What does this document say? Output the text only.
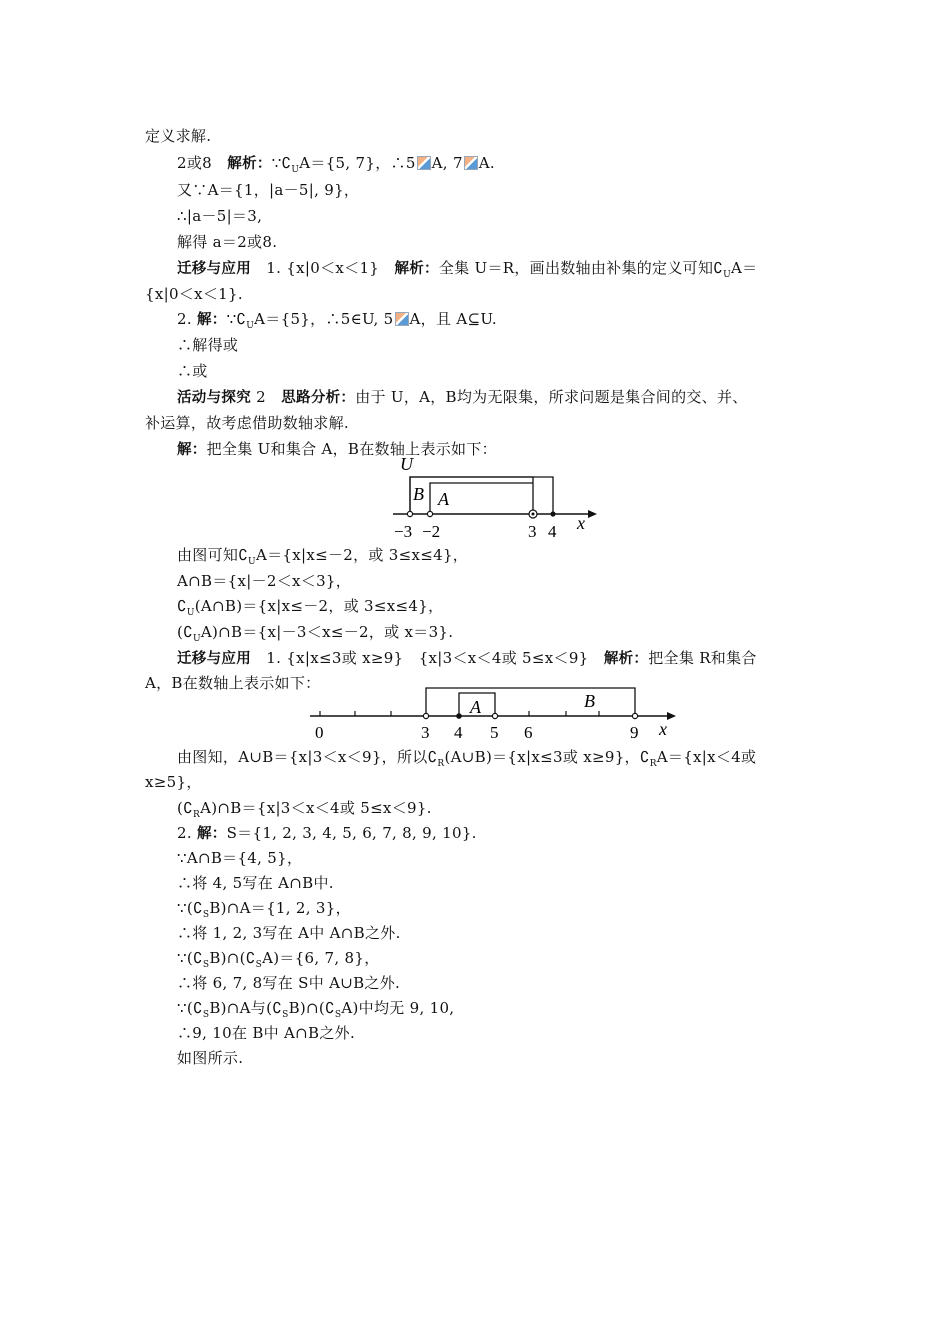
定义求解.
2或8　解析：$\because∁_UA=\{5$, 7}，∴5 A, 7 A.
又∵A＝{1，|a－5|, 9}，
∴|a－5|＝3,
解得 a＝2或8.
迁移与应用　1. {x|0＜x＜1}　解析：全集 U＝R，画出数轴由补集的定义可知$∁_UA=$
{x|0＜x＜1}.
2. 解：$\because∁_UA=\{5\}$，∴5∈U, 5 A，且 A⊆U.
∴解得或
∴或
活动与探究 2　思路分析：由于 U，A，B均为无限集，所求问题是集合间的交、并、
补运算，故考虑借助数轴求解.
解：把全集 U和集合 A，B在数轴上表示如下：
U
B A
−3 −2	3 4 x
由图可知$∁_UA=\{x|x\le-2$，或 3≤x≤4}，
A∩B＝{x|－2＜x＜3}，
$∁_U(A\cap B)=\{x|x\le-2$，或 3≤x≤4}，
$(∁_UA)\cap B=\{x|-3<x\le-2$，或 x＝3}.
迁移与应用　1. {x|x≤3或 x≥9}　{x|3＜x＜4或 5≤x＜9}　解析：把全集 R和集合
A，B在数轴上表示如下：
A	B
0	3 4 5 6	9 x
由图知，A∪B＝{x|3＜x＜9}，所以$∁_R(A\cup B)=\{x|x\le 3$或 x≥9}，$∁_RA=\{x|x<4$或
x≥5}，
$(∁_RA)\cap B=\{x|3<x<4$或 5≤x＜9}.
2. 解：S＝{1, 2, 3, 4, 5, 6, 7, 8, 9, 10}.
∵A∩B＝{4, 5}，
∴将 4, 5写在 A∩B中.
$\because(∁_SB)\cap A=\{1$, 2, 3}，
∴将 1, 2, 3写在 A中 A∩B之外.
$\because(∁_SB)\cap(∁_SA)=\{6$, 7, 8}，
∴将 6, 7, 8写在 S中 A∪B之外.
$\because(∁_SB)\cap A$与$(∁_SB)\cap(∁_SA)$中均无 9, 10,
∴9, 10在 B中 A∩B之外.
如图所示.
